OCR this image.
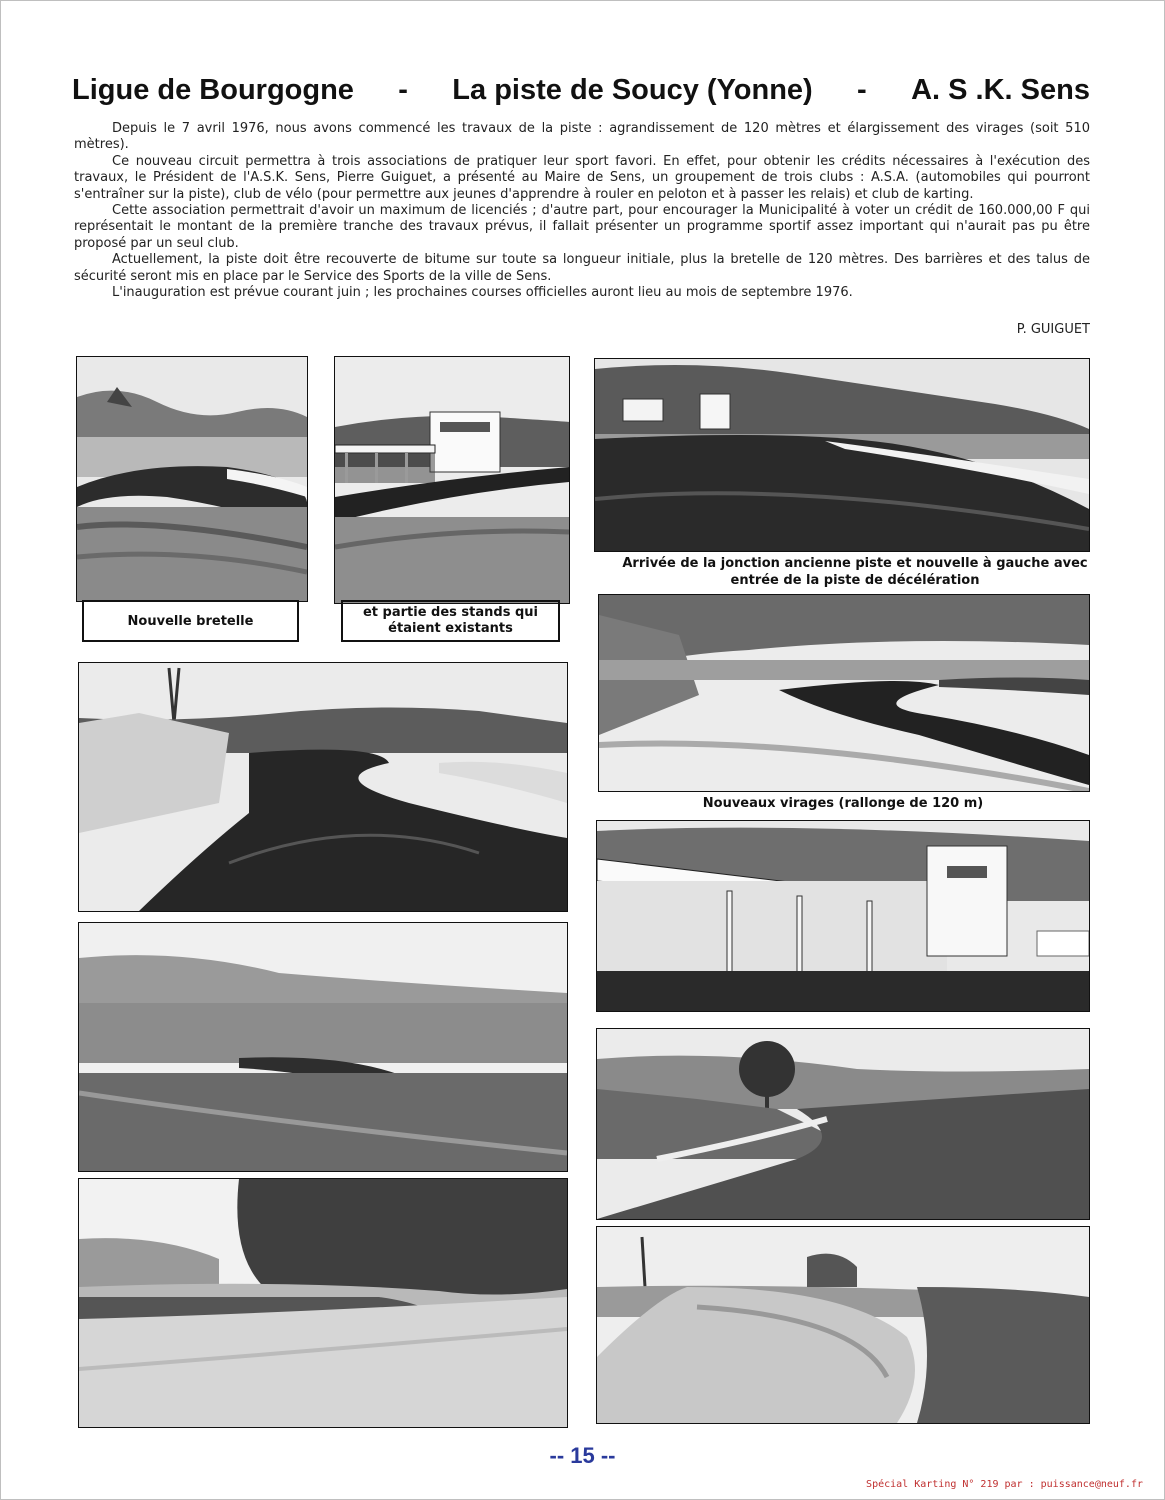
Ligue de Bourgogne - La piste de Soucy (Yonne) - A. S .K. Sens

Depuis le 7 avril 1976, nous avons commencé les travaux de la piste : agrandissement de 120 mètres et élargissement des virages (soit 510 mètres).

Ce nouveau circuit permettra à trois associations de pratiquer leur sport favori. En effet, pour obtenir les crédits nécessaires à l'exécution des travaux, le Président de l'A.S.K. Sens, Pierre Guiguet, a présenté au Maire de Sens, un groupement de trois clubs : A.S.A. (automobiles qui pourront s'entraîner sur la piste), club de vélo (pour permettre aux jeunes d'apprendre à rouler en peloton et à passer les relais) et club de karting.

Cette association permettrait d'avoir un maximum de licenciés ; d'autre part, pour encourager la Municipalité à voter un crédit de 160.000,00 F qui représentait le montant de la première tranche des travaux prévus, il fallait présenter un programme sportif assez important qui n'aurait pas pu être proposé par un seul club.

Actuellement, la piste doit être recouverte de bitume sur toute sa longueur initiale, plus la bretelle de 120 mètres. Des barrières et des talus de sécurité seront mis en place par le Service des Sports de la ville de Sens.

L'inauguration est prévue courant juin ; les prochaines courses officielles auront lieu au mois de septembre 1976.

P. GUIGUET
Nouvelle bretelle
et partie des stands qui étaient existants
Arrivée de la jonction ancienne piste et nouvelle à gauche avec entrée de la piste de décélération
Nouveaux virages (rallonge de 120 m)
-- 15 --
Spécial Karting N° 219 par : puissance@neuf.fr
